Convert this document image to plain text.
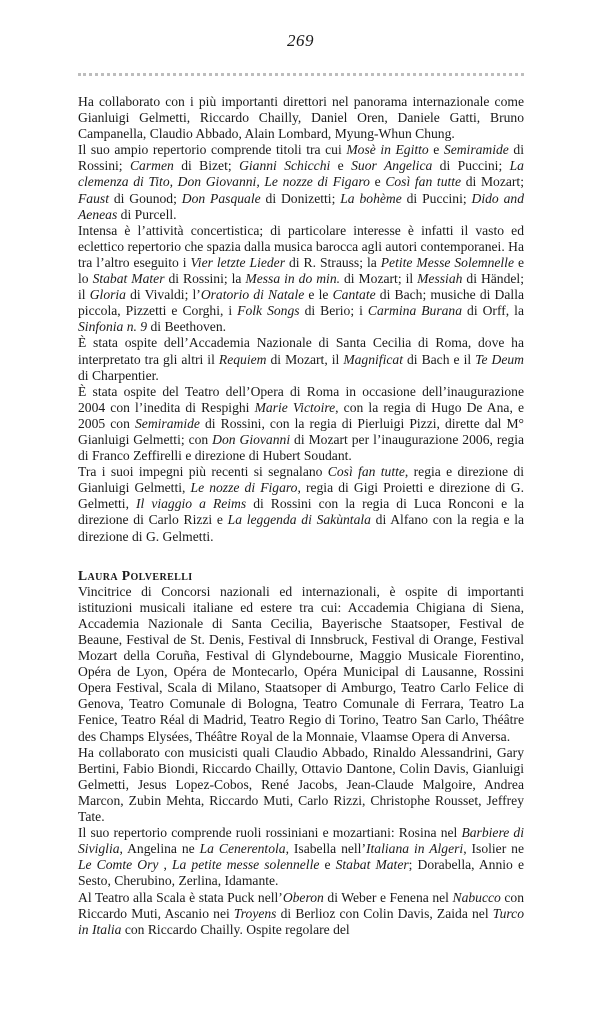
269

Ha collaborato con i più importanti direttori nel panorama internazionale come Gianluigi Gelmetti, Riccardo Chailly, Daniel Oren, Daniele Gatti, Bruno Campanella, Claudio Abbado, Alain Lombard, Myung-Whun Chung.

Il suo ampio repertorio comprende titoli tra cui Mosè in Egitto e Semiramide di Rossini; Carmen di Bizet; Gianni Schicchi e Suor Angelica di Puccini; La clemenza di Tito, Don Giovanni, Le nozze di Figaro e Così fan tutte di Mozart; Faust di Gounod; Don Pasquale di Donizetti; La bohème di Puccini; Dido and Aeneas di Purcell.

Intensa è l’attività concertistica; di particolare interesse è infatti il vasto ed eclettico repertorio che spazia dalla musica barocca agli autori contemporanei. Ha tra l’altro eseguito i Vier letzte Lieder di R. Strauss; la Petite Messe Solemnelle e lo Stabat Mater di Rossini; la Messa in do min. di Mozart; il Messiah di Händel; il Gloria di Vivaldi; l’Oratorio di Natale e le Cantate di Bach; musiche di Dalla piccola, Pizzetti e Corghi, i Folk Songs di Berio; i Carmina Burana di Orff, la Sinfonia n. 9 di Beethoven.

È stata ospite dell’Accademia Nazionale di Santa Cecilia di Roma, dove ha interpretato tra gli altri il Requiem di Mozart, il Magnificat di Bach e il Te Deum di Charpentier.

È stata ospite del Teatro dell’Opera di Roma in occasione dell’inaugurazione 2004 con l’inedita di Respighi Marie Victoire, con la regia di Hugo De Ana, e 2005 con Semiramide di Rossini, con la regia di Pierluigi Pizzi, dirette dal M° Gianluigi Gelmetti; con Don Giovanni di Mozart per l’inaugurazione 2006, regia di Franco Zeffirelli e direzione di Hubert Soudant.

Tra i suoi impegni più recenti si segnalano Così fan tutte, regia e direzione di Gianluigi Gelmetti, Le nozze di Figaro, regia di Gigi Proietti e direzione di G. Gelmetti, Il viaggio a Reims di Rossini con la regia di Luca Ronconi e la direzione di Carlo Rizzi e La leggenda di Sakùntala di Alfano con la regia e la direzione di G. Gelmetti.

Laura Polverelli

Vincitrice di Concorsi nazionali ed internazionali, è ospite di importanti istituzioni musicali italiane ed estere tra cui: Accademia Chigiana di Siena, Accademia Nazionale di Santa Cecilia, Bayerische Staatsoper, Festival de Beaune, Festival de St. Denis, Festival di Innsbruck, Festival di Orange, Festival Mozart della Coruña, Festival di Glyndebourne, Maggio Musicale Fiorentino, Opéra de Lyon, Opéra de Montecarlo, Opéra Municipal di Lausanne, Rossini Opera Festival, Scala di Milano, Staatsoper di Amburgo, Teatro Carlo Felice di Genova, Teatro Comunale di Bologna, Teatro Comunale di Ferrara, Teatro La Fenice, Teatro Réal di Madrid, Teatro Regio di Torino, Teatro San Carlo, Théâtre des Champs Elysées, Théâtre Royal de la Monnaie, Vlaamse Opera di Anversa.

Ha collaborato con musicisti quali Claudio Abbado, Rinaldo Alessandrini, Gary Bertini, Fabio Biondi, Riccardo Chailly, Ottavio Dantone, Colin Davis, Gianluigi Gelmetti, Jesus Lopez-Cobos, René Jacobs, Jean-Claude Malgoire, Andrea Marcon, Zubin Mehta, Riccardo Muti, Carlo Rizzi, Christophe Rousset, Jeffrey Tate.

Il suo repertorio comprende ruoli rossiniani e mozartiani: Rosina nel Barbiere di Siviglia, Angelina ne La Cenerentola, Isabella nell’Italiana in Algeri, Isolier ne Le Comte Ory , La petite messe solennelle e Stabat Mater; Dorabella, Annio e Sesto, Cherubino, Zerlina, Idamante.

Al Teatro alla Scala è stata Puck nell’Oberon di Weber e Fenena nel Nabucco con Riccardo Muti, Ascanio nei Troyens di Berlioz con Colin Davis, Zaida nel Turco in Italia con Riccardo Chailly. Ospite regolare del
